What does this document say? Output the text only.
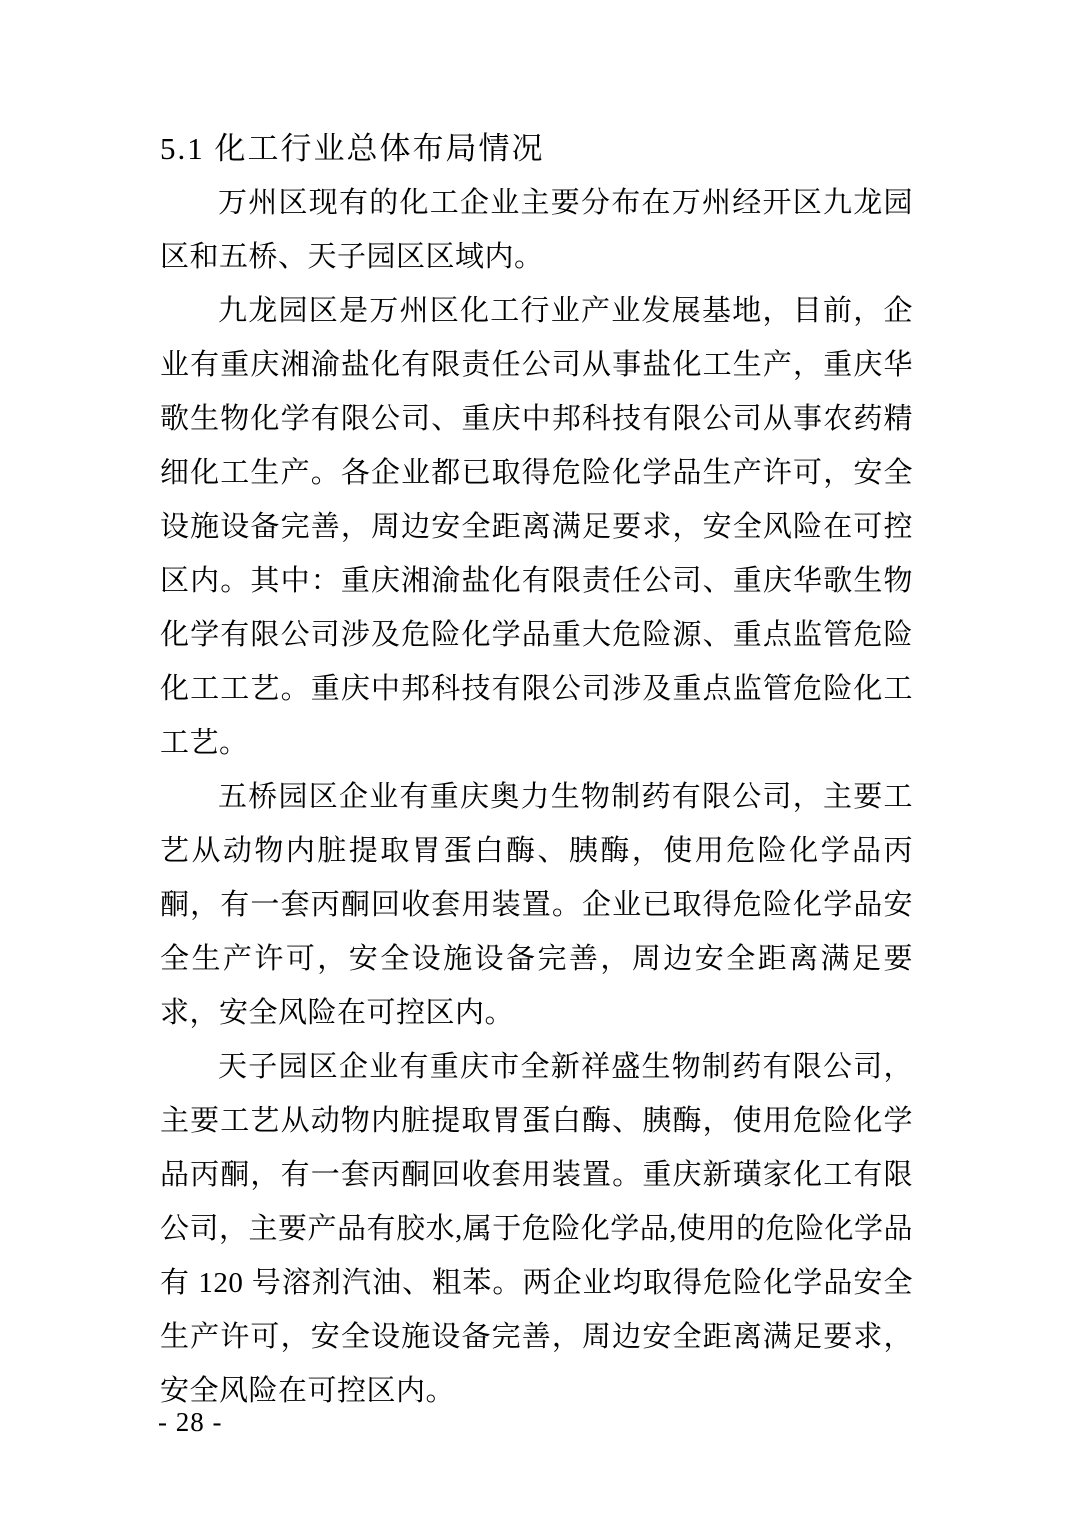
5.1 化工行业总体布局情况

万州区现有的化工企业主要分布在万州经开区九龙园区和五桥、天子园区区域内。

九龙园区是万州区化工行业产业发展基地，目前，企业有重庆湘渝盐化有限责任公司从事盐化工生产，重庆华歌生物化学有限公司、重庆中邦科技有限公司从事农药精细化工生产。各企业都已取得危险化学品生产许可，安全设施设备完善，周边安全距离满足要求，安全风险在可控区内。其中：重庆湘渝盐化有限责任公司、重庆华歌生物化学有限公司涉及危险化学品重大危险源、重点监管危险化工工艺。重庆中邦科技有限公司涉及重点监管危险化工工艺。

五桥园区企业有重庆奥力生物制药有限公司，主要工艺从动物内脏提取胃蛋白酶、胰酶，使用危险化学品丙酮，有一套丙酮回收套用装置。企业已取得危险化学品安全生产许可，安全设施设备完善，周边安全距离满足要求，安全风险在可控区内。

天子园区企业有重庆市全新祥盛生物制药有限公司，主要工艺从动物内脏提取胃蛋白酶、胰酶，使用危险化学品丙酮，有一套丙酮回收套用装置。重庆新璜家化工有限公司，主要产品有胶水,属于危险化学品,使用的危险化学品有 120 号溶剂汽油、粗苯。两企业均取得危险化学品安全生产许可，安全设施设备完善，周边安全距离满足要求，安全风险在可控区内。

- 28 -
